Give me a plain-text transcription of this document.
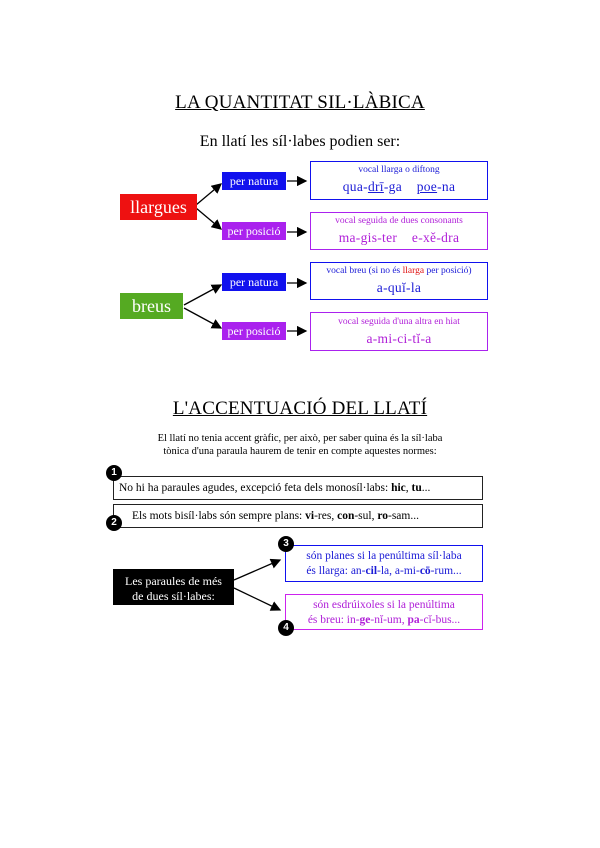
LA QUANTITAT SIL·LÀBICA
En llatí les síl·labes podien ser:
llargues
per natura
per posició
vocal llarga o diftong
qua-drī-ga poe-na
vocal seguida de dues consonants
ma-gis-ter e-xě-dra
breus
per natura
per posició
vocal breu (si no és llarga per posició)
a-quĭ-la
vocal seguida d'una altra en hiat
a-mi-ci-tĭ-a
L'ACCENTUACIÓ DEL LLATÍ
El llatí no tenia accent gràfic, per això, per saber quina és la síl·laba
tònica d'una paraula haurem de tenir en compte aquestes normes:
No hi ha paraules agudes, excepció feta dels monosíl·labs: hic, tu...
1
Els mots bisíl·labs són sempre plans: vi-res, con-sul, ro-sam...
2
Les paraules de més
de dues síl·labes:
són planes si la penúltima síl·laba
és llarga: an-cil-la, a-mi-cō-rum...
3
són esdrúixoles si la penúltima
és breu: in-ge-nĭ-um, pa-cĭ-bus...
4
